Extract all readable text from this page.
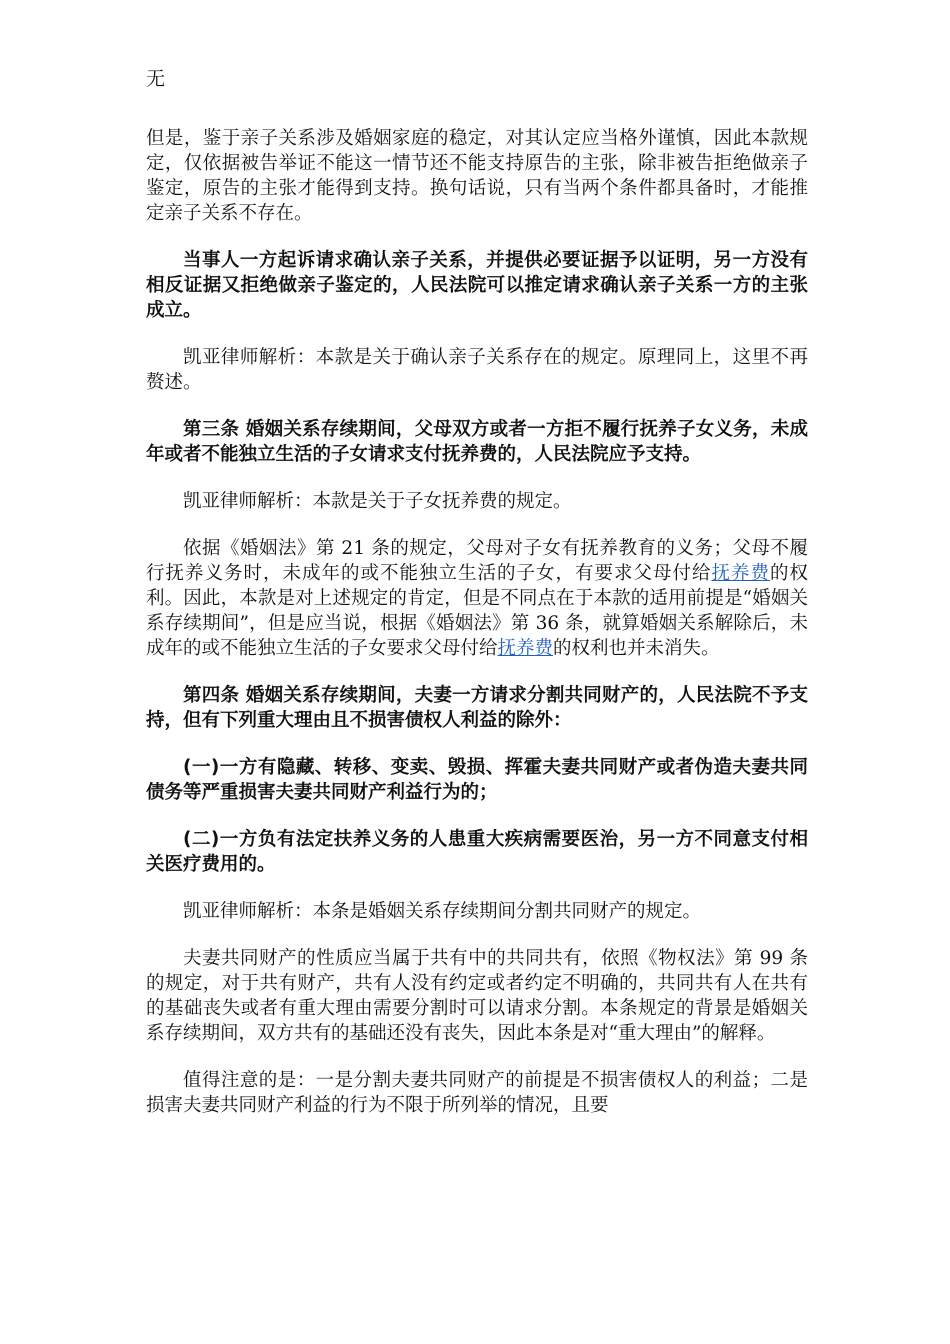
无

但是，鉴于亲子关系涉及婚姻家庭的稳定，对其认定应当格外谨慎，因此本款规定，仅依据被告举证不能这一情节还不能支持原告的主张，除非被告拒绝做亲子鉴定，原告的主张才能得到支持。换句话说，只有当两个条件都具备时，才能推定亲子关系不存在。

当事人一方起诉请求确认亲子关系，并提供必要证据予以证明，另一方没有相反证据又拒绝做亲子鉴定的，人民法院可以推定请求确认亲子关系一方的主张成立。

凯亚律师解析：本款是关于确认亲子关系存在的规定。原理同上，这里不再赘述。

第三条 婚姻关系存续期间，父母双方或者一方拒不履行抚养子女义务，未成年或者不能独立生活的子女请求支付抚养费的，人民法院应予支持。

凯亚律师解析：本款是关于子女抚养费的规定。

依据《婚姻法》第 21 条的规定，父母对子女有抚养教育的义务；父母不履行抚养义务时，未成年的或不能独立生活的子女，有要求父母付给抚养费的权利。因此，本款是对上述规定的肯定，但是不同点在于本款的适用前提是“婚姻关系存续期间”，但是应当说，根据《婚姻法》第 36 条，就算婚姻关系解除后，未成年的或不能独立生活的子女要求父母付给抚养费的权利也并未消失。

第四条 婚姻关系存续期间，夫妻一方请求分割共同财产的，人民法院不予支持，但有下列重大理由且不损害债权人利益的除外：

(一)一方有隐藏、转移、变卖、毁损、挥霍夫妻共同财产或者伪造夫妻共同债务等严重损害夫妻共同财产利益行为的；

(二)一方负有法定扶养义务的人患重大疾病需要医治，另一方不同意支付相关医疗费用的。

凯亚律师解析：本条是婚姻关系存续期间分割共同财产的规定。

夫妻共同财产的性质应当属于共有中的共同共有，依照《物权法》第 99 条的规定，对于共有财产，共有人没有约定或者约定不明确的，共同共有人在共有的基础丧失或者有重大理由需要分割时可以请求分割。本条规定的背景是婚姻关系存续期间，双方共有的基础还没有丧失，因此本条是对“重大理由”的解释。

值得注意的是：一是分割夫妻共同财产的前提是不损害债权人的利益；二是损害夫妻共同财产利益的行为不限于所列举的情况，且要
